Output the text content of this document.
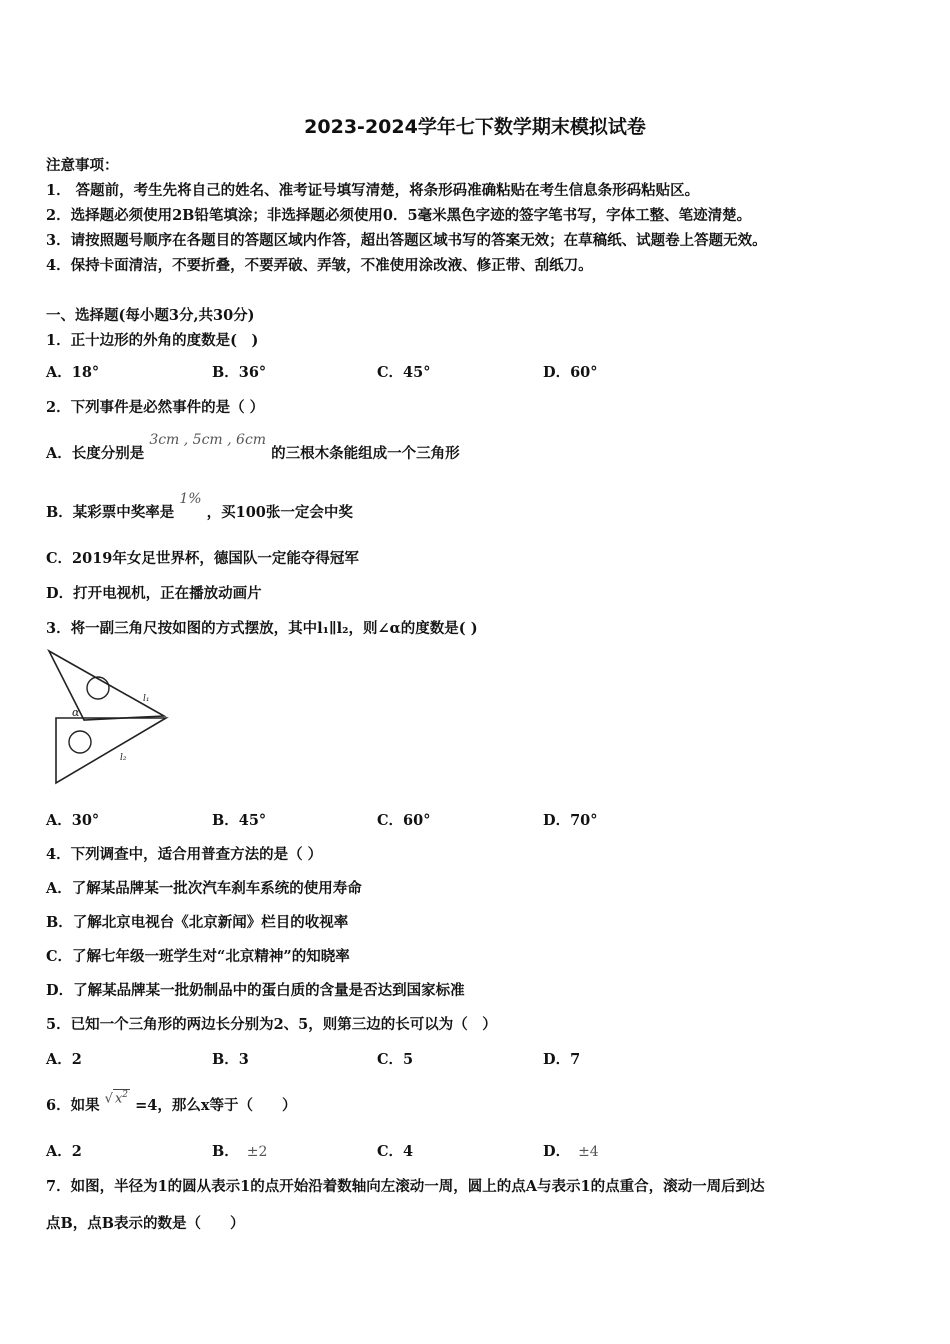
2023-2024学年七下数学期末模拟试卷
注意事项：
1． 答题前，考生先将自己的姓名、准考证号填写清楚，将条形码准确粘贴在考生信息条形码粘贴区。
2．选择题必须使用2B铅笔填涂；非选择题必须使用0．5毫米黑色字迹的签字笔书写，字体工整、笔迹清楚。
3．请按照题号顺序在各题目的答题区域内作答，超出答题区域书写的答案无效；在草稿纸、试题卷上答题无效。
4．保持卡面清洁，不要折叠，不要弄破、弄皱，不准使用涂改液、修正带、刮纸刀。
一、选择题(每小题3分,共30分)
1．正十边形的外角的度数是(　)
A．18°	B．36°	C．45°	D．60°
2．下列事件是必然事件的是（ ）
A．长度分别是 3cm , 5cm , 6cm 的三根木条能组成一个三角形
B．某彩票中奖率是 1% ，买100张一定会中奖
C．2019年女足世界杯，德国队一定能夺得冠军
D．打开电视机，正在播放动画片
3．将一副三角尺按如图的方式摆放，其中l₁∥l₂，则∠α的度数是( )
α
l₁
l₂
A．30°	B．45°	C．60°	D．70°
4．下列调查中，适合用普查方法的是（ ）
A．了解某品牌某一批次汽车刹车系统的使用寿命
B．了解北京电视台《北京新闻》栏目的收视率
C．了解七年级一班学生对“北京精神”的知晓率
D．了解某品牌某一批奶制品中的蛋白质的含量是否达到国家标准
5．已知一个三角形的两边长分别为2、5，则第三边的长可以为（　）
A．2	B．3	C．5	D．7
6．如果 √ $x^2 =4$，那么x等于（　　）
A．2	B． ±2	C．4	D． ±4
7．如图，半径为1的圆从表示1的点开始沿着数轴向左滚动一周，圆上的点A与表示1的点重合，滚动一周后到达
点B，点B表示的数是（　　）
